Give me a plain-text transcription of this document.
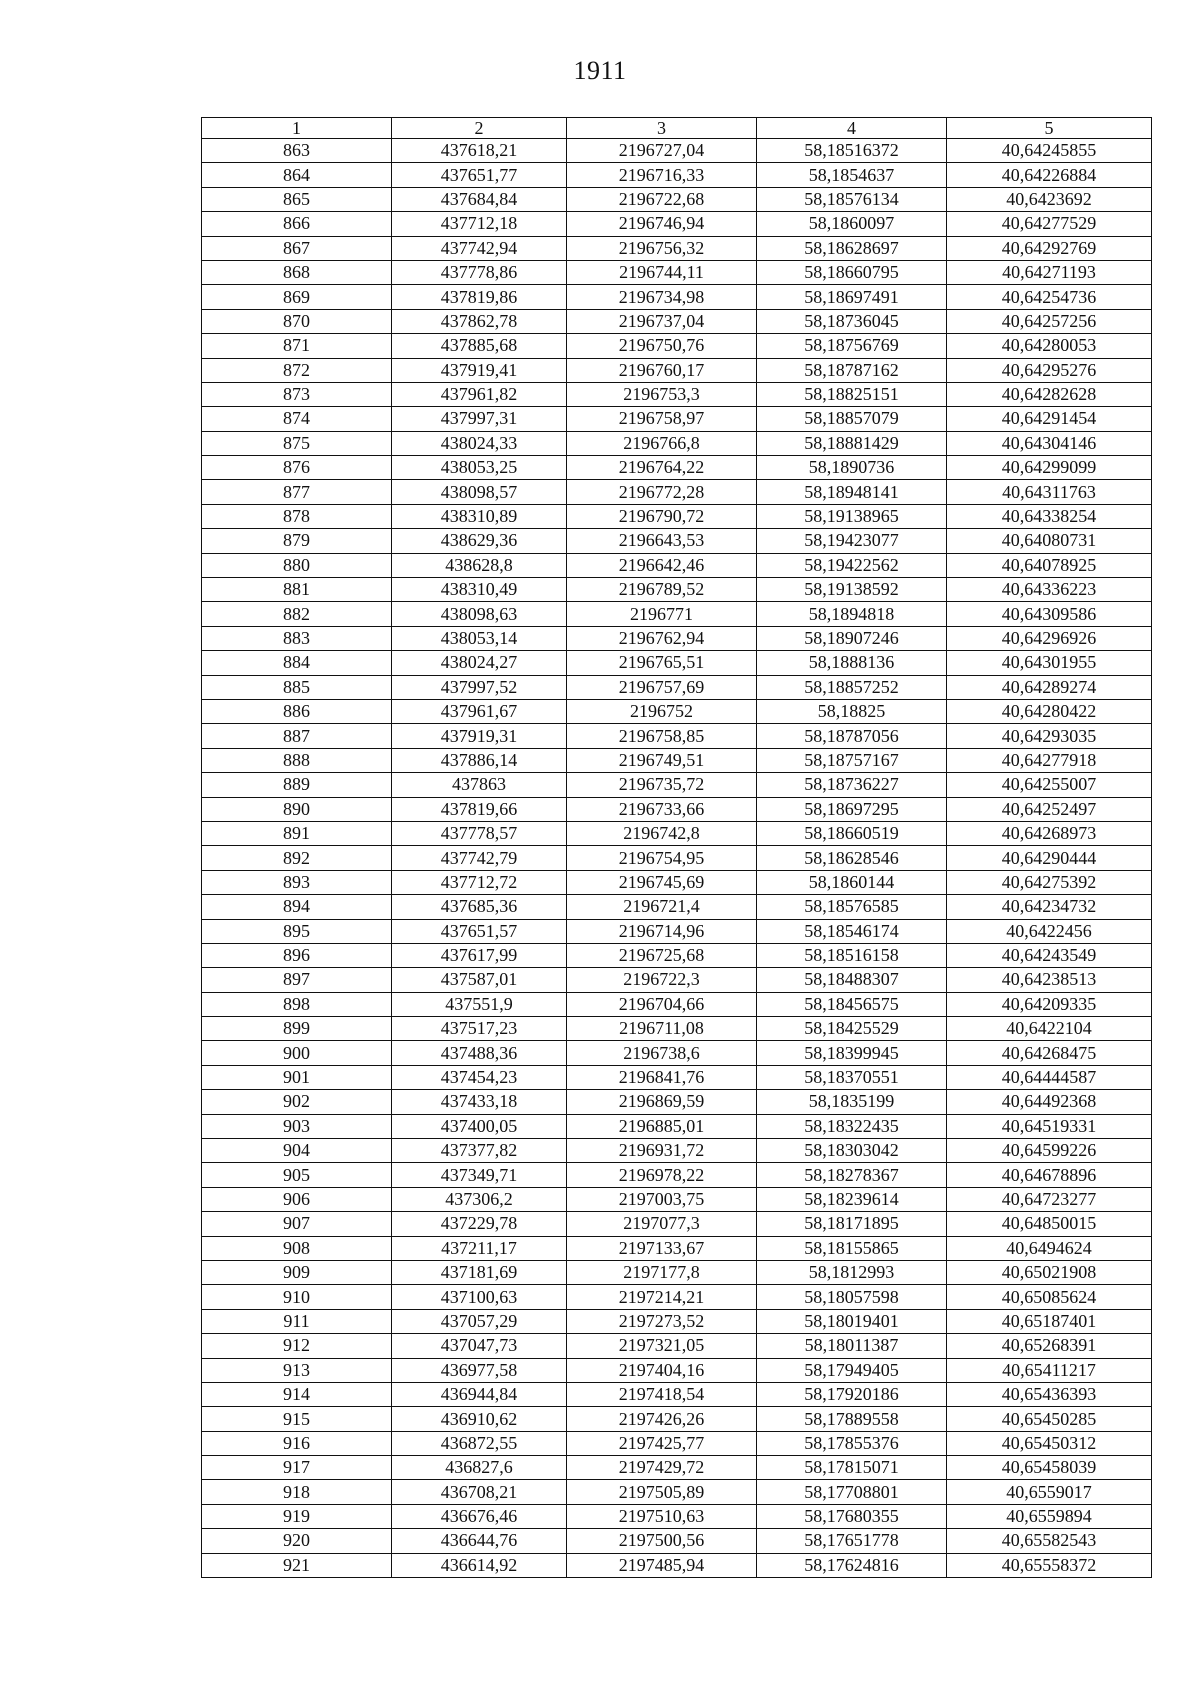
1911
1	2	3	4	5
863	437618,21	2196727,04	58,18516372	40,64245855
864	437651,77	2196716,33	58,1854637	40,64226884
865	437684,84	2196722,68	58,18576134	40,6423692
866	437712,18	2196746,94	58,1860097	40,64277529
867	437742,94	2196756,32	58,18628697	40,64292769
868	437778,86	2196744,11	58,18660795	40,64271193
869	437819,86	2196734,98	58,18697491	40,64254736
870	437862,78	2196737,04	58,18736045	40,64257256
871	437885,68	2196750,76	58,18756769	40,64280053
872	437919,41	2196760,17	58,18787162	40,64295276
873	437961,82	2196753,3	58,18825151	40,64282628
874	437997,31	2196758,97	58,18857079	40,64291454
875	438024,33	2196766,8	58,18881429	40,64304146
876	438053,25	2196764,22	58,1890736	40,64299099
877	438098,57	2196772,28	58,18948141	40,64311763
878	438310,89	2196790,72	58,19138965	40,64338254
879	438629,36	2196643,53	58,19423077	40,64080731
880	438628,8	2196642,46	58,19422562	40,64078925
881	438310,49	2196789,52	58,19138592	40,64336223
882	438098,63	2196771	58,1894818	40,64309586
883	438053,14	2196762,94	58,18907246	40,64296926
884	438024,27	2196765,51	58,1888136	40,64301955
885	437997,52	2196757,69	58,18857252	40,64289274
886	437961,67	2196752	58,18825	40,64280422
887	437919,31	2196758,85	58,18787056	40,64293035
888	437886,14	2196749,51	58,18757167	40,64277918
889	437863	2196735,72	58,18736227	40,64255007
890	437819,66	2196733,66	58,18697295	40,64252497
891	437778,57	2196742,8	58,18660519	40,64268973
892	437742,79	2196754,95	58,18628546	40,64290444
893	437712,72	2196745,69	58,1860144	40,64275392
894	437685,36	2196721,4	58,18576585	40,64234732
895	437651,57	2196714,96	58,18546174	40,6422456
896	437617,99	2196725,68	58,18516158	40,64243549
897	437587,01	2196722,3	58,18488307	40,64238513
898	437551,9	2196704,66	58,18456575	40,64209335
899	437517,23	2196711,08	58,18425529	40,6422104
900	437488,36	2196738,6	58,18399945	40,64268475
901	437454,23	2196841,76	58,18370551	40,64444587
902	437433,18	2196869,59	58,1835199	40,64492368
903	437400,05	2196885,01	58,18322435	40,64519331
904	437377,82	2196931,72	58,18303042	40,64599226
905	437349,71	2196978,22	58,18278367	40,64678896
906	437306,2	2197003,75	58,18239614	40,64723277
907	437229,78	2197077,3	58,18171895	40,64850015
908	437211,17	2197133,67	58,18155865	40,6494624
909	437181,69	2197177,8	58,1812993	40,65021908
910	437100,63	2197214,21	58,18057598	40,65085624
911	437057,29	2197273,52	58,18019401	40,65187401
912	437047,73	2197321,05	58,18011387	40,65268391
913	436977,58	2197404,16	58,17949405	40,65411217
914	436944,84	2197418,54	58,17920186	40,65436393
915	436910,62	2197426,26	58,17889558	40,65450285
916	436872,55	2197425,77	58,17855376	40,65450312
917	436827,6	2197429,72	58,17815071	40,65458039
918	436708,21	2197505,89	58,17708801	40,6559017
919	436676,46	2197510,63	58,17680355	40,6559894
920	436644,76	2197500,56	58,17651778	40,65582543
921	436614,92	2197485,94	58,17624816	40,65558372
